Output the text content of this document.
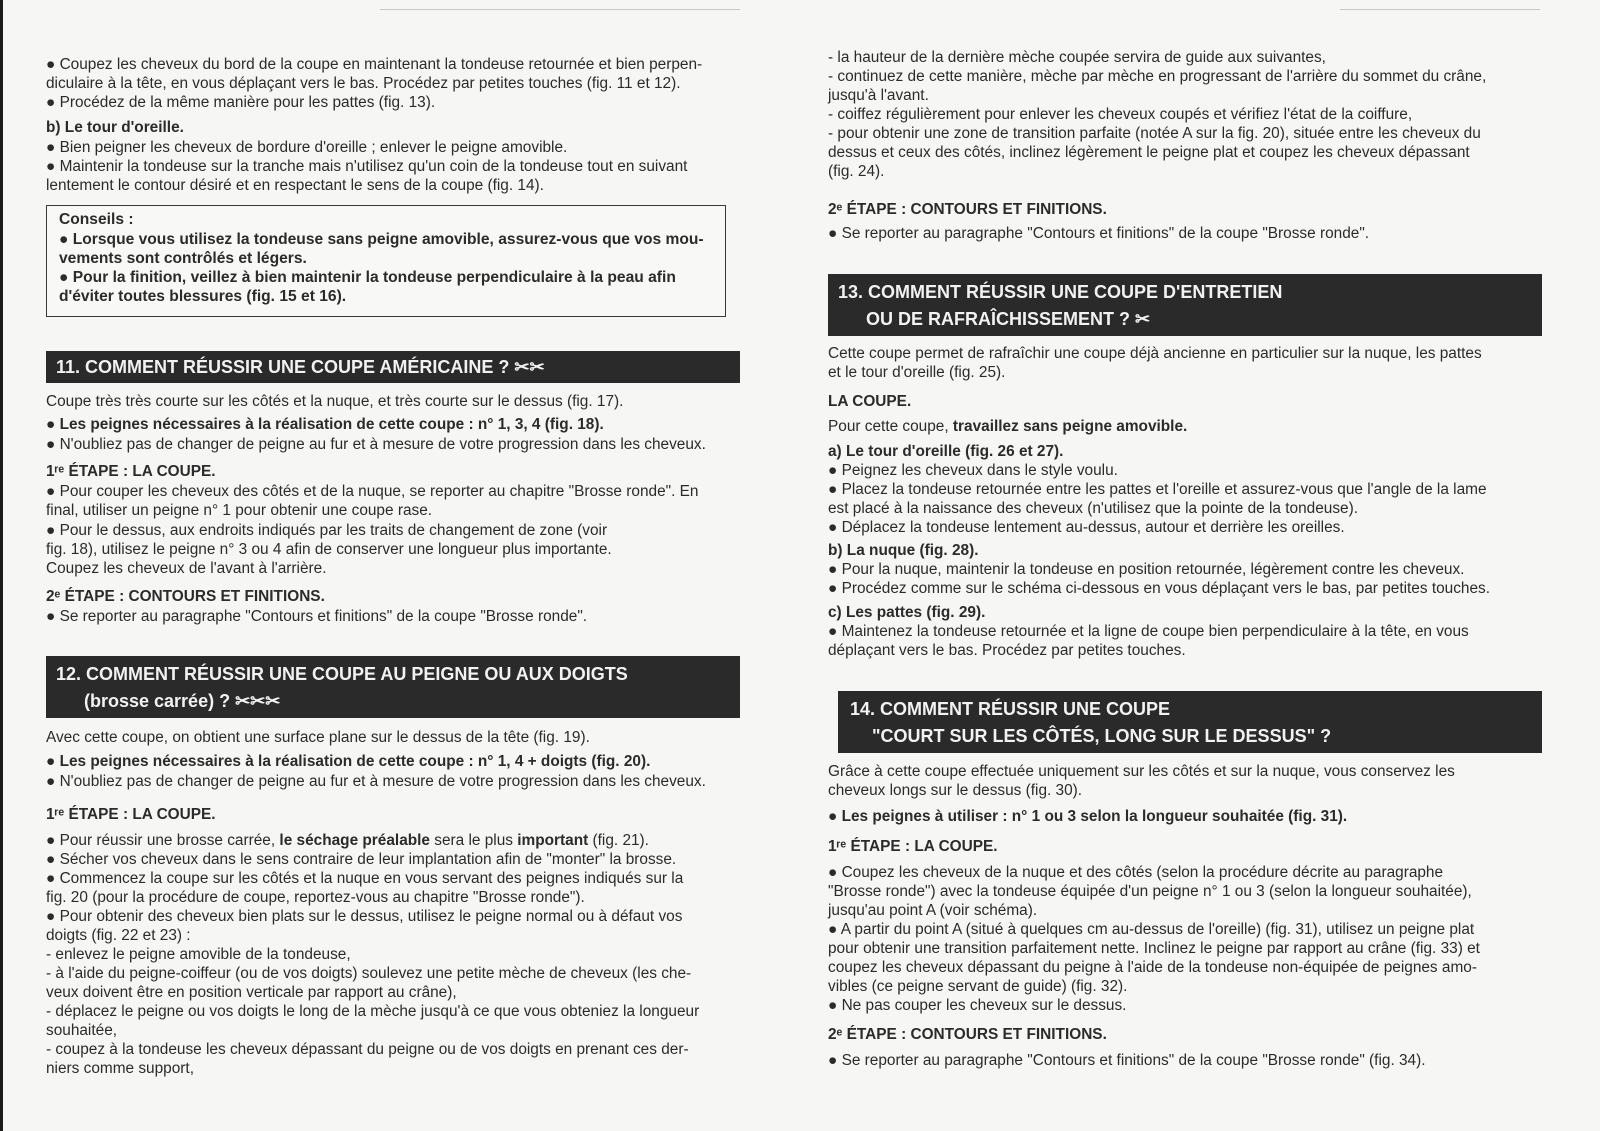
● Coupez les cheveux du bord de la coupe en maintenant la tondeuse retournée et bien perpen-
diculaire à la tête, en vous déplaçant vers le bas. Procédez par petites touches (fig. 11 et 12).
● Procédez de la même manière pour les pattes (fig. 13).
b) Le tour d'oreille.
● Bien peigner les cheveux de bordure d'oreille ; enlever le peigne amovible.
● Maintenir la tondeuse sur la tranche mais n'utilisez qu'un coin de la tondeuse tout en suivant
lentement le contour désiré et en respectant le sens de la coupe (fig. 14).
Conseils :
● Lorsque vous utilisez la tondeuse sans peigne amovible, assurez-vous que vos mou-
vements sont contrôlés et légers.
● Pour la finition, veillez à bien maintenir la tondeuse perpendiculaire à la peau afin
d'éviter toutes blessures (fig. 15 et 16).
11. COMMENT RÉUSSIR UNE COUPE AMÉRICAINE ? ✂✂
Coupe très très courte sur les côtés et la nuque, et très courte sur le dessus (fig. 17).
● Les peignes nécessaires à la réalisation de cette coupe : n° 1, 3, 4 (fig. 18).
● N'oubliez pas de changer de peigne au fur et à mesure de votre progression dans les cheveux.
1ʳᵉ ÉTAPE : LA COUPE.
● Pour couper les cheveux des côtés et de la nuque, se reporter au chapitre "Brosse ronde". En
final, utiliser un peigne n° 1 pour obtenir une coupe rase.
● Pour le dessus, aux endroits indiqués par les traits de changement de zone (voir
fig. 18), utilisez le peigne n° 3 ou 4 afin de conserver une longueur plus importante.
Coupez les cheveux de l'avant à l'arrière.
2ᵉ ÉTAPE : CONTOURS ET FINITIONS.
● Se reporter au paragraphe "Contours et finitions" de la coupe "Brosse ronde".
12. COMMENT RÉUSSIR UNE COUPE AU PEIGNE OU AUX DOIGTS
(brosse carrée) ? ✂✂✂
Avec cette coupe, on obtient une surface plane sur le dessus de la tête (fig. 19).
● Les peignes nécessaires à la réalisation de cette coupe : n° 1, 4 + doigts (fig. 20).
● N'oubliez pas de changer de peigne au fur et à mesure de votre progression dans les cheveux.
1ʳᵉ ÉTAPE : LA COUPE.
● Pour réussir une brosse carrée, le séchage préalable sera le plus important (fig. 21).
● Sécher vos cheveux dans le sens contraire de leur implantation afin de "monter" la brosse.
● Commencez la coupe sur les côtés et la nuque en vous servant des peignes indiqués sur la
fig. 20 (pour la procédure de coupe, reportez-vous au chapitre "Brosse ronde").
● Pour obtenir des cheveux bien plats sur le dessus, utilisez le peigne normal ou à défaut vos
doigts (fig. 22 et 23) :
- enlevez le peigne amovible de la tondeuse,
- à l'aide du peigne-coiffeur (ou de vos doigts) soulevez une petite mèche de cheveux (les che-
veux doivent être en position verticale par rapport au crâne),
- déplacez le peigne ou vos doigts le long de la mèche jusqu'à ce que vous obteniez la longueur
souhaitée,
- coupez à la tondeuse les cheveux dépassant du peigne ou de vos doigts en prenant ces der-
niers comme support,
- la hauteur de la dernière mèche coupée servira de guide aux suivantes,
- continuez de cette manière, mèche par mèche en progressant de l'arrière du sommet du crâne,
jusqu'à l'avant.
- coiffez régulièrement pour enlever les cheveux coupés et vérifiez l'état de la coiffure,
- pour obtenir une zone de transition parfaite (notée A sur la fig. 20), située entre les cheveux du
dessus et ceux des côtés, inclinez légèrement le peigne plat et coupez les cheveux dépassant
(fig. 24).
2ᵉ ÉTAPE : CONTOURS ET FINITIONS.
● Se reporter au paragraphe "Contours et finitions" de la coupe "Brosse ronde".
13. COMMENT RÉUSSIR UNE COUPE D'ENTRETIEN
OU DE RAFRAÎCHISSEMENT ? ✂
Cette coupe permet de rafraîchir une coupe déjà ancienne en particulier sur la nuque, les pattes
et le tour d'oreille (fig. 25).
LA COUPE.
Pour cette coupe, travaillez sans peigne amovible.
a) Le tour d'oreille (fig. 26 et 27).
● Peignez les cheveux dans le style voulu.
● Placez la tondeuse retournée entre les pattes et l'oreille et assurez-vous que l'angle de la lame
est placé à la naissance des cheveux (n'utilisez que la pointe de la tondeuse).
● Déplacez la tondeuse lentement au-dessus, autour et derrière les oreilles.
b) La nuque (fig. 28).
● Pour la nuque, maintenir la tondeuse en position retournée, légèrement contre les cheveux.
● Procédez comme sur le schéma ci-dessous en vous déplaçant vers le bas, par petites touches.
c) Les pattes (fig. 29).
● Maintenez la tondeuse retournée et la ligne de coupe bien perpendiculaire à la tête, en vous
déplaçant vers le bas. Procédez par petites touches.
14. COMMENT RÉUSSIR UNE COUPE
"COURT SUR LES CÔTÉS, LONG SUR LE DESSUS" ?
Grâce à cette coupe effectuée uniquement sur les côtés et sur la nuque, vous conservez les
cheveux longs sur le dessus (fig. 30).
● Les peignes à utiliser : n° 1 ou 3 selon la longueur souhaitée (fig. 31).
1ʳᵉ ÉTAPE : LA COUPE.
● Coupez les cheveux de la nuque et des côtés (selon la procédure décrite au paragraphe
"Brosse ronde") avec la tondeuse équipée d'un peigne n° 1 ou 3 (selon la longueur souhaitée),
jusqu'au point A (voir schéma).
● A partir du point A (situé à quelques cm au-dessus de l'oreille) (fig. 31), utilisez un peigne plat
pour obtenir une transition parfaitement nette. Inclinez le peigne par rapport au crâne (fig. 33) et
coupez les cheveux dépassant du peigne à l'aide de la tondeuse non-équipée de peignes amo-
vibles (ce peigne servant de guide) (fig. 32).
● Ne pas couper les cheveux sur le dessus.
2ᵉ ÉTAPE : CONTOURS ET FINITIONS.
● Se reporter au paragraphe "Contours et finitions" de la coupe "Brosse ronde" (fig. 34).
